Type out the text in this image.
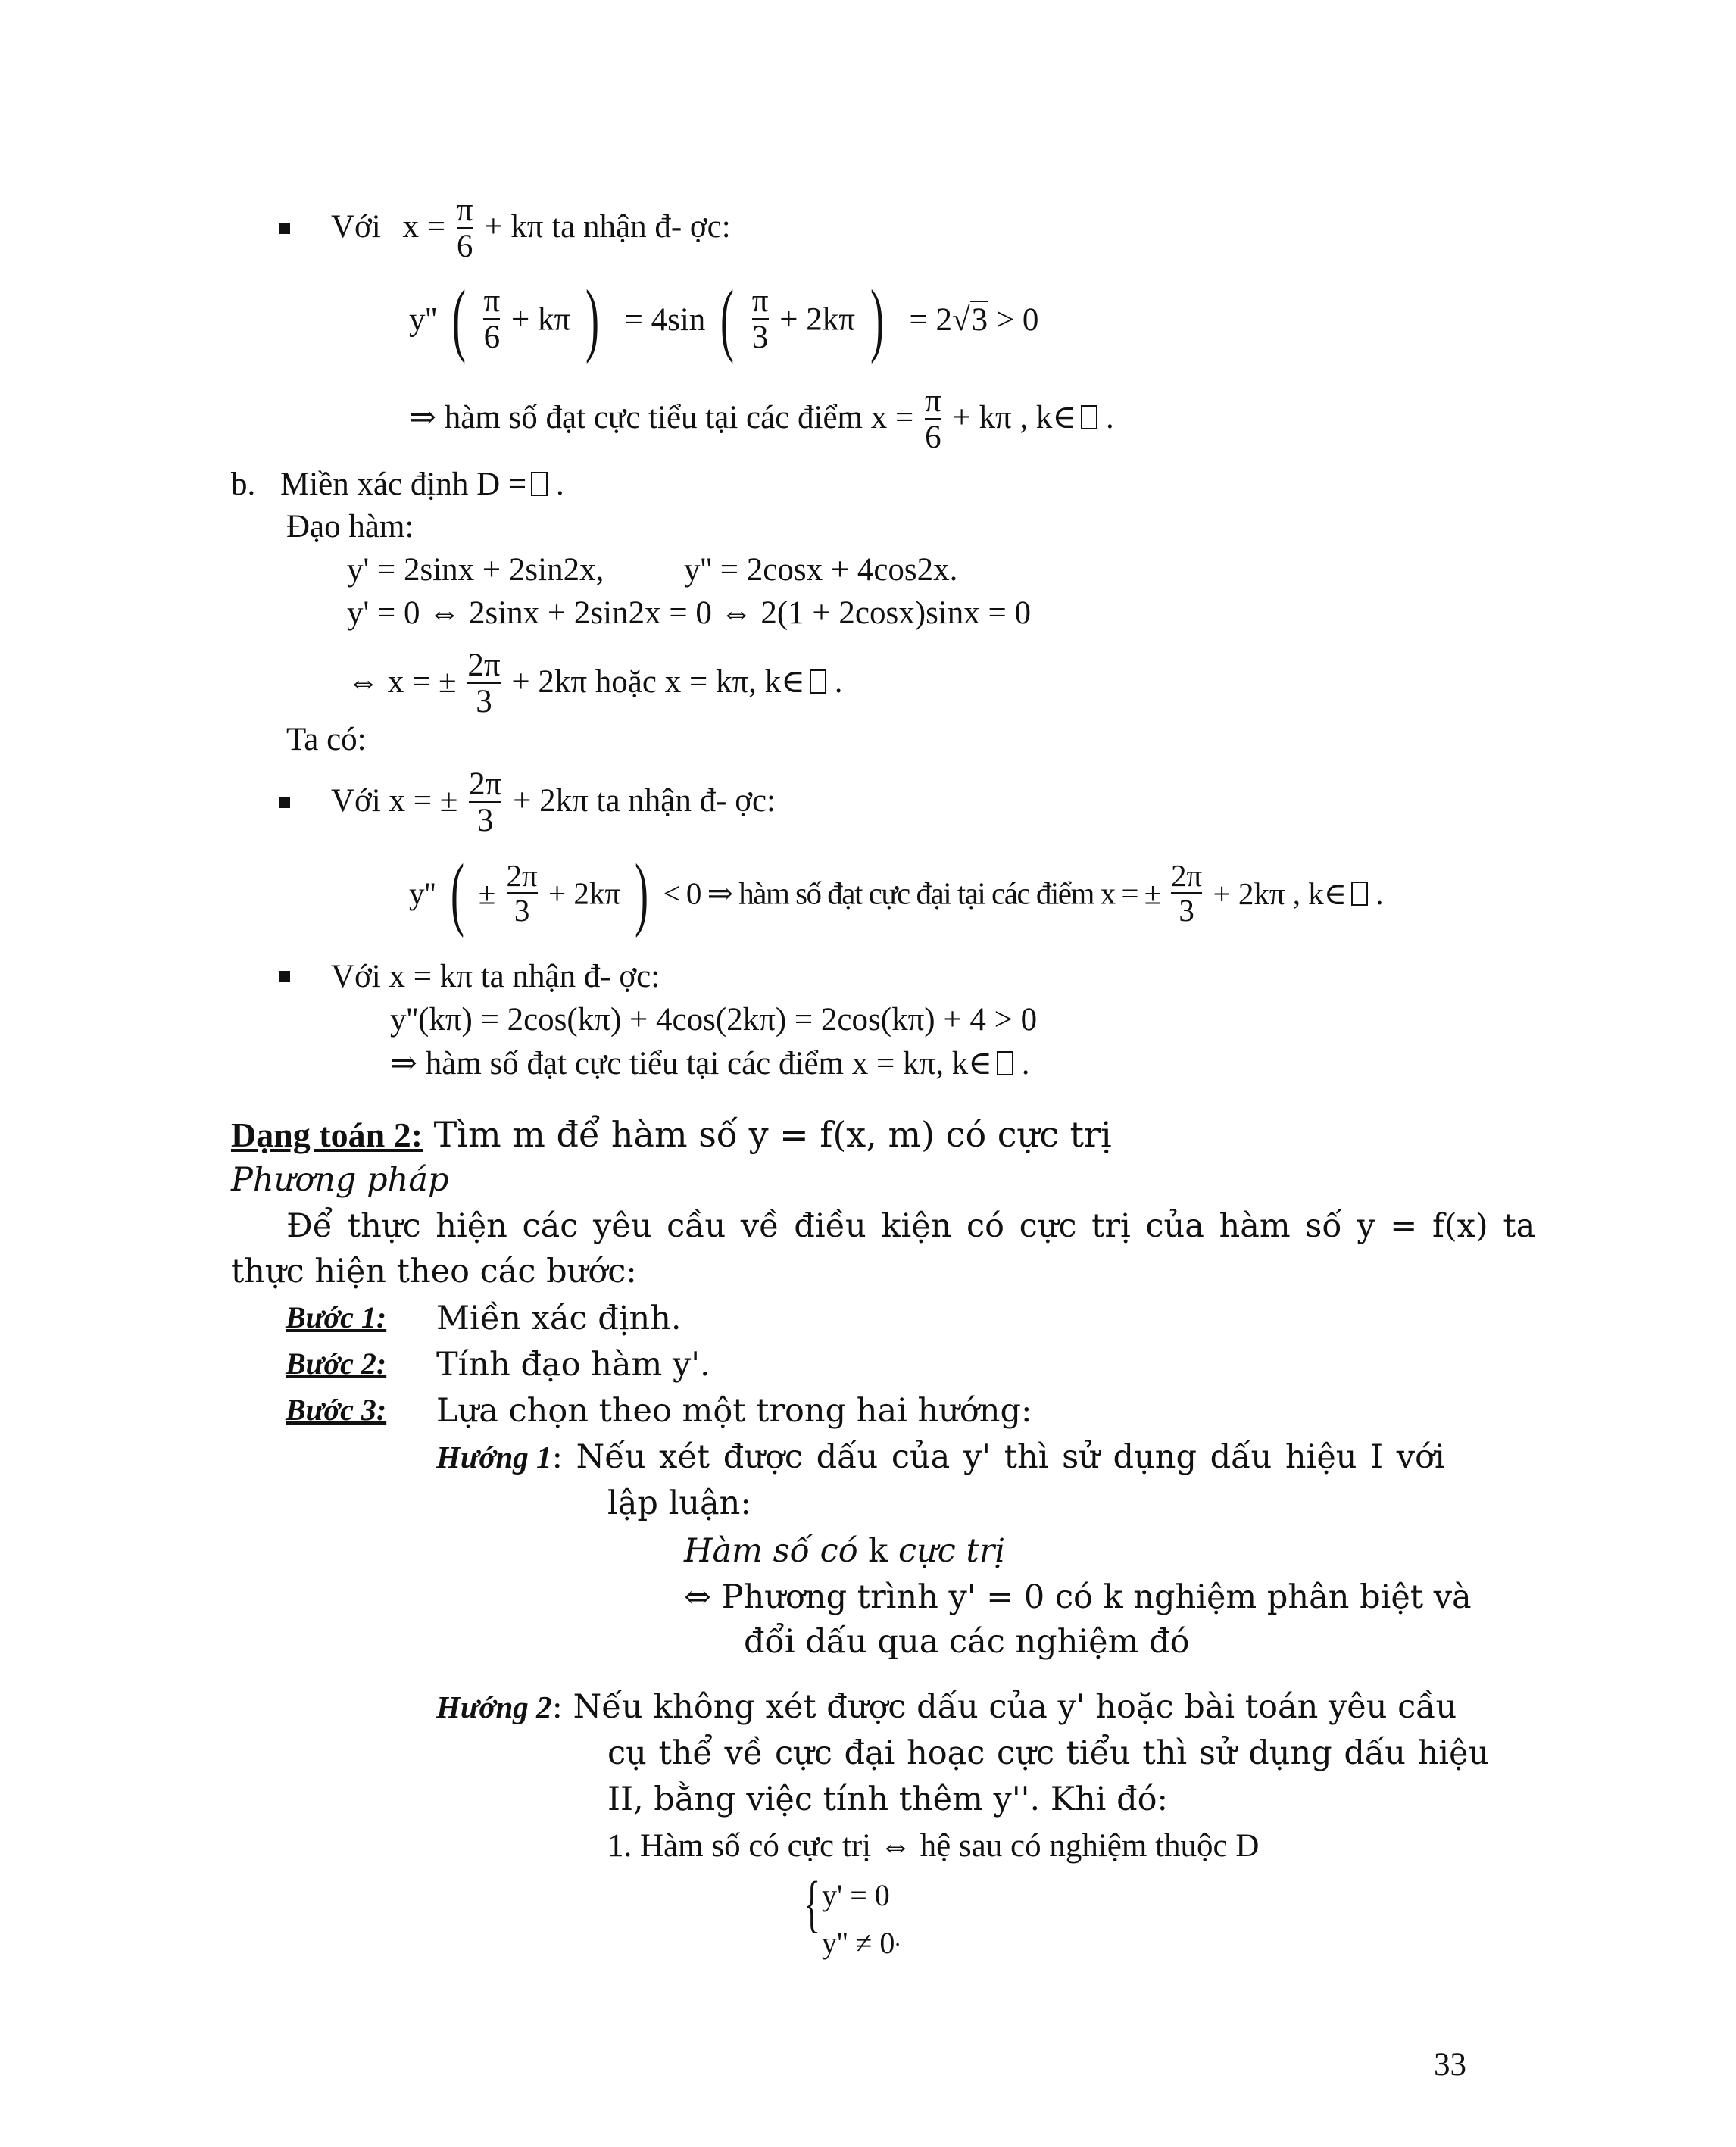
Với $x = \frac{\pi}{6} + k\pi$ ta nhận đ- ợc:
y'' ( $\frac{\pi}{6} + k\pi$ ) = 4sin ( $\frac{\pi}{3} + 2k\pi$ ) = 2√3 > 0
⇒ hàm số đạt cực tiểu tại các điểm $x = \frac{\pi}{6} + k\pi$ , k∈ .
b. Miền xác định D = .
Đạo hàm:
y' = 2sinx + 2sin2x, y'' = 2cosx + 4cos2x.
y' = 0 ⇔ 2sinx + 2sin2x = 0 ⇔ 2(1 + 2cosx)sinx = 0
⇔ x = ± $\frac{2\pi}{3} + 2k\pi$ hoặc x = kπ, k∈ .
Ta có:
Với x = ± $\frac{2\pi}{3} + 2k\pi$ ta nhận đ- ợc:
y'' ( ± $\frac{2\pi}{3} + 2k\pi$ ) < 0 ⇒ hàm số đạt cực đại tại các điểm x = ± $\frac{2\pi}{3} + 2k\pi$ , k∈ .
Với x = kπ ta nhận đ- ợc:
y''(kπ) = 2cos(kπ) + 4cos(2kπ) = 2cos(kπ) + 4 > 0
⇒ hàm số đạt cực tiểu tại các điểm x = kπ, k∈ .
Dạng toán 2: Tìm m để hàm số y = f(x, m) có cực trị
Phương pháp
Để thực hiện các yêu cầu về điều kiện có cực trị của hàm số y = f(x) ta
thực hiện theo các bước:
Bước 1: Miền xác định.
Bước 2: Tính đạo hàm y'.
Bước 3: Lựa chọn theo một trong hai hướng:
Hướng 1: Nếu xét được dấu của y' thì sử dụng dấu hiệu I với
lập luận:
Hàm số có k cực trị
⇔ Phương trình y' = 0 có k nghiệm phân biệt và
đổi dấu qua các nghiệm đó
Hướng 2: Nếu không xét được dấu của y' hoặc bài toán yêu cầu
cụ thể về cực đại hoạc cực tiểu thì sử dụng dấu hiệu
II, bằng việc tính thêm y''. Khi đó:
1. Hàm số có cực trị ⇔ hệ sau có nghiệm thuộc D
{ y' = 0
y'' ≠ 0.
33
